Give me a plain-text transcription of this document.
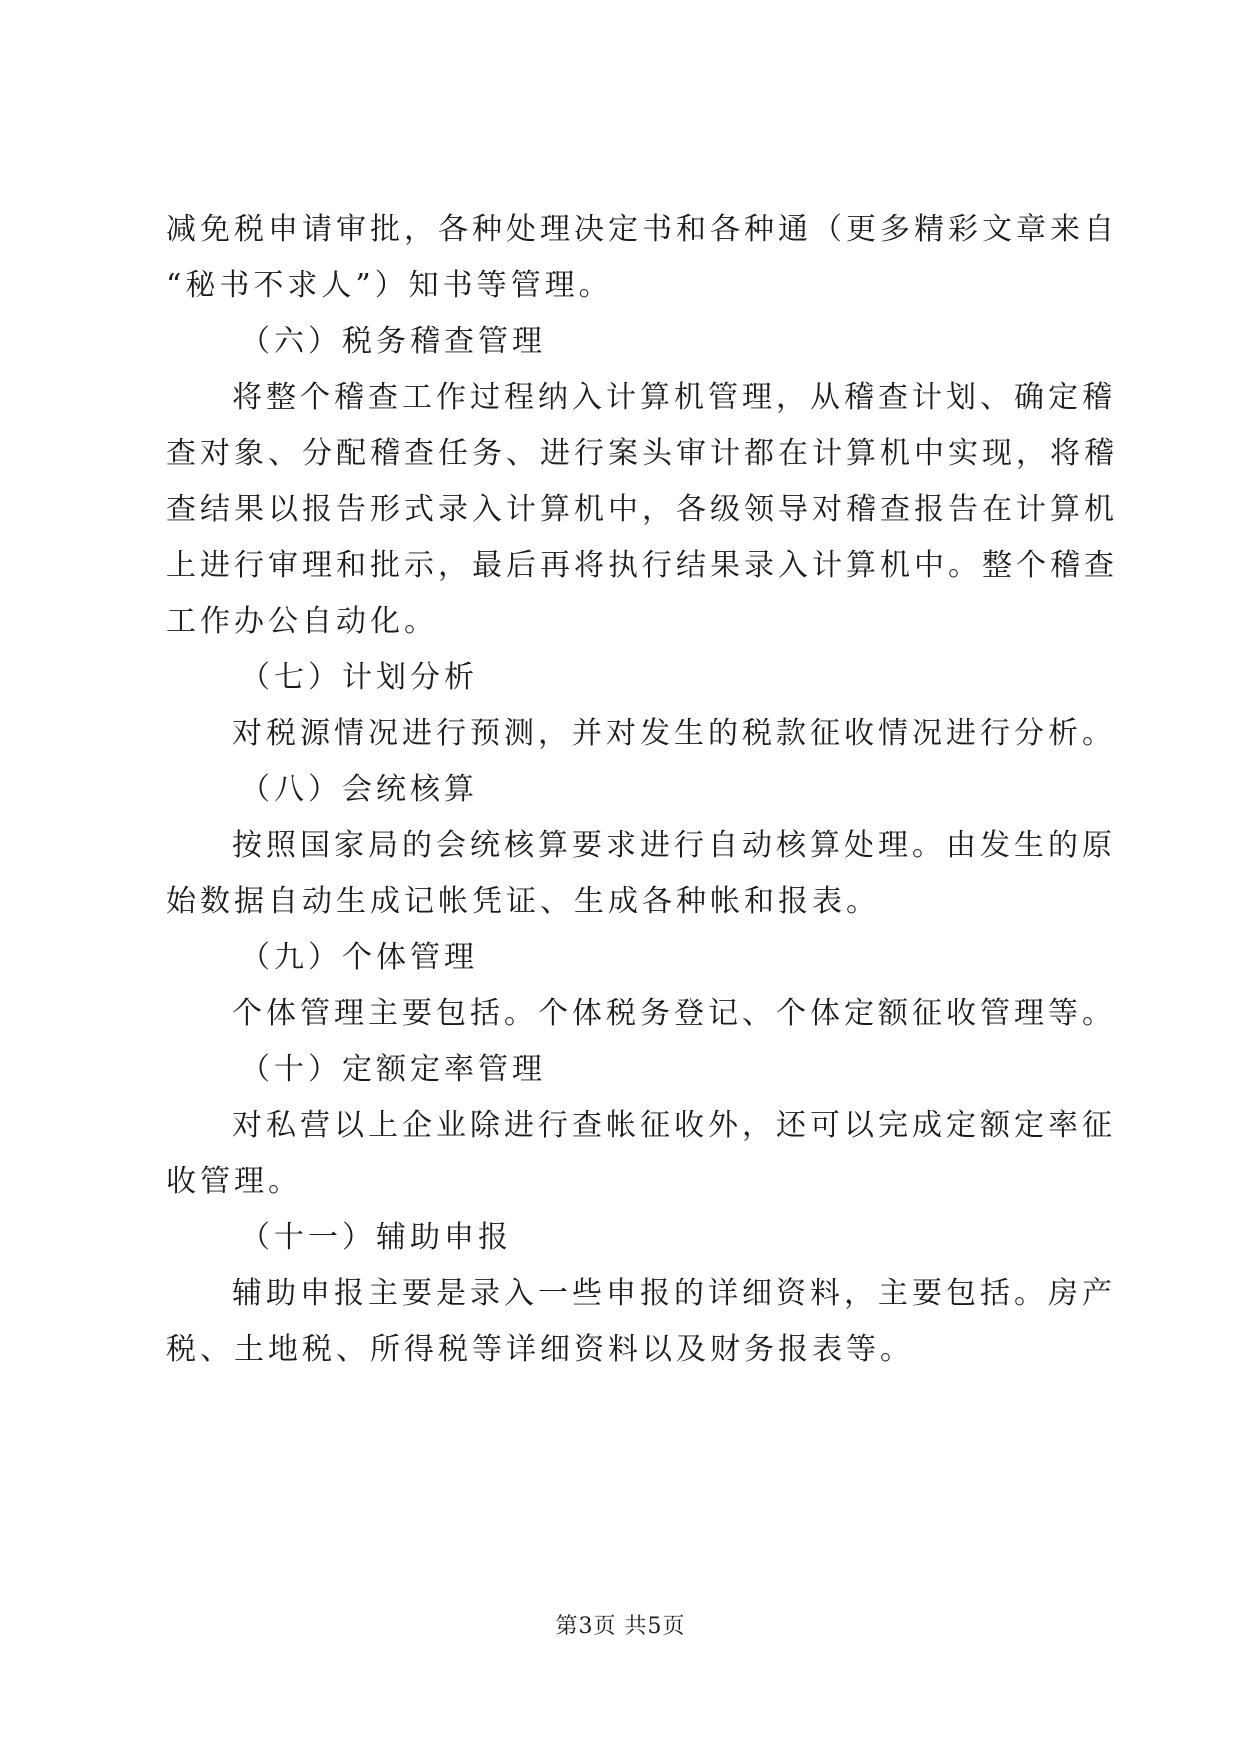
减免税申请审批，各种处理决定书和各种通（更多精彩文章来自
“秘书不求人”）知书等管理。
（六）税务稽查管理
将整个稽查工作过程纳入计算机管理，从稽查计划、确定稽
查对象、分配稽查任务、进行案头审计都在计算机中实现，将稽
查结果以报告形式录入计算机中，各级领导对稽查报告在计算机
上进行审理和批示，最后再将执行结果录入计算机中。整个稽查
工作办公自动化。
（七）计划分析
对税源情况进行预测，并对发生的税款征收情况进行分析。
（八）会统核算
按照国家局的会统核算要求进行自动核算处理。由发生的原
始数据自动生成记帐凭证、生成各种帐和报表。
（九）个体管理
个体管理主要包括。个体税务登记、个体定额征收管理等。
（十）定额定率管理
对私营以上企业除进行查帐征收外，还可以完成定额定率征
收管理。
（十一）辅助申报
辅助申报主要是录入一些申报的详细资料，主要包括。房产
税、土地税、所得税等详细资料以及财务报表等。
第3页 共5页
